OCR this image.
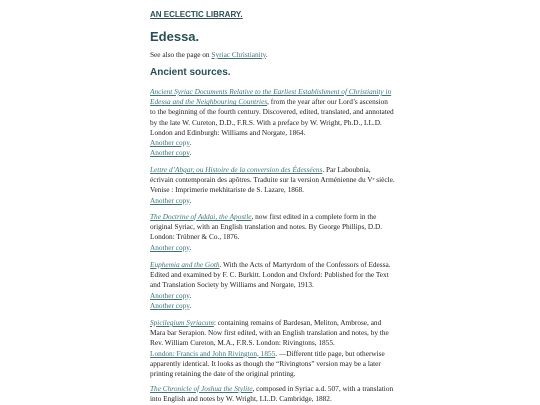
AN ECLECTIC LIBRARY.
Edessa.
See also the page on Syriac Christianity.
Ancient sources.
Ancient Syriac Documents Relative to the Earliest Establishment of Christianity in Edessa and the Neighbouring Countries, from the year after our Lord’s ascension to the beginning of the fourth century. Discovered, edited, translated, and annotated by the late W. Cureton, D.D., F.R.S. With a preface by W. Wright, Ph.D., LL.D. London and Edinburgh: Williams and Norgate, 1864.
Another copy.
Another copy.
Lettre d’Abgar, ou Histoire de la conversion des Édesséens. Par Laboubnia, écrivain contemporain des apôtres. Traduite sur la version Arménienne du Vᵉ siècle. Venise : Imprimerie mekhitariste de S. Lazare, 1868.
Another copy.
The Doctrine of Addai, the Apostle, now first edited in a complete form in the original Syriac, with an English translation and notes. By George Phillips, D.D. London: Trübner & Co., 1876.
Another copy.
Euphemia and the Goth. With the Acts of Martyrdom of the Confessors of Edessa. Edited and examined by F. C. Burkitt. London and Oxford: Published for the Text and Translation Society by Williams and Norgate, 1913.
Another copy.
Another copy.
Spicilegium Syriacum: containing remains of Bardesan, Meliton, Ambrose, and Mara bar Serapion. Now first edited, with an English translation and notes, by the Rev. William Cureton, M.A., F.R.S. London: Rivingtons, 1855.
London: Francis and John Rivington, 1855. —Different title page, but otherwise apparently identical. It looks as though the “Rivingtons” version may be a later printing retaining the date of the original printing.
The Chronicle of Joshua the Stylite, composed in Syriac a.d. 507, with a translation into English and notes by W. Wright, LL.D. Cambridge, 1882.
